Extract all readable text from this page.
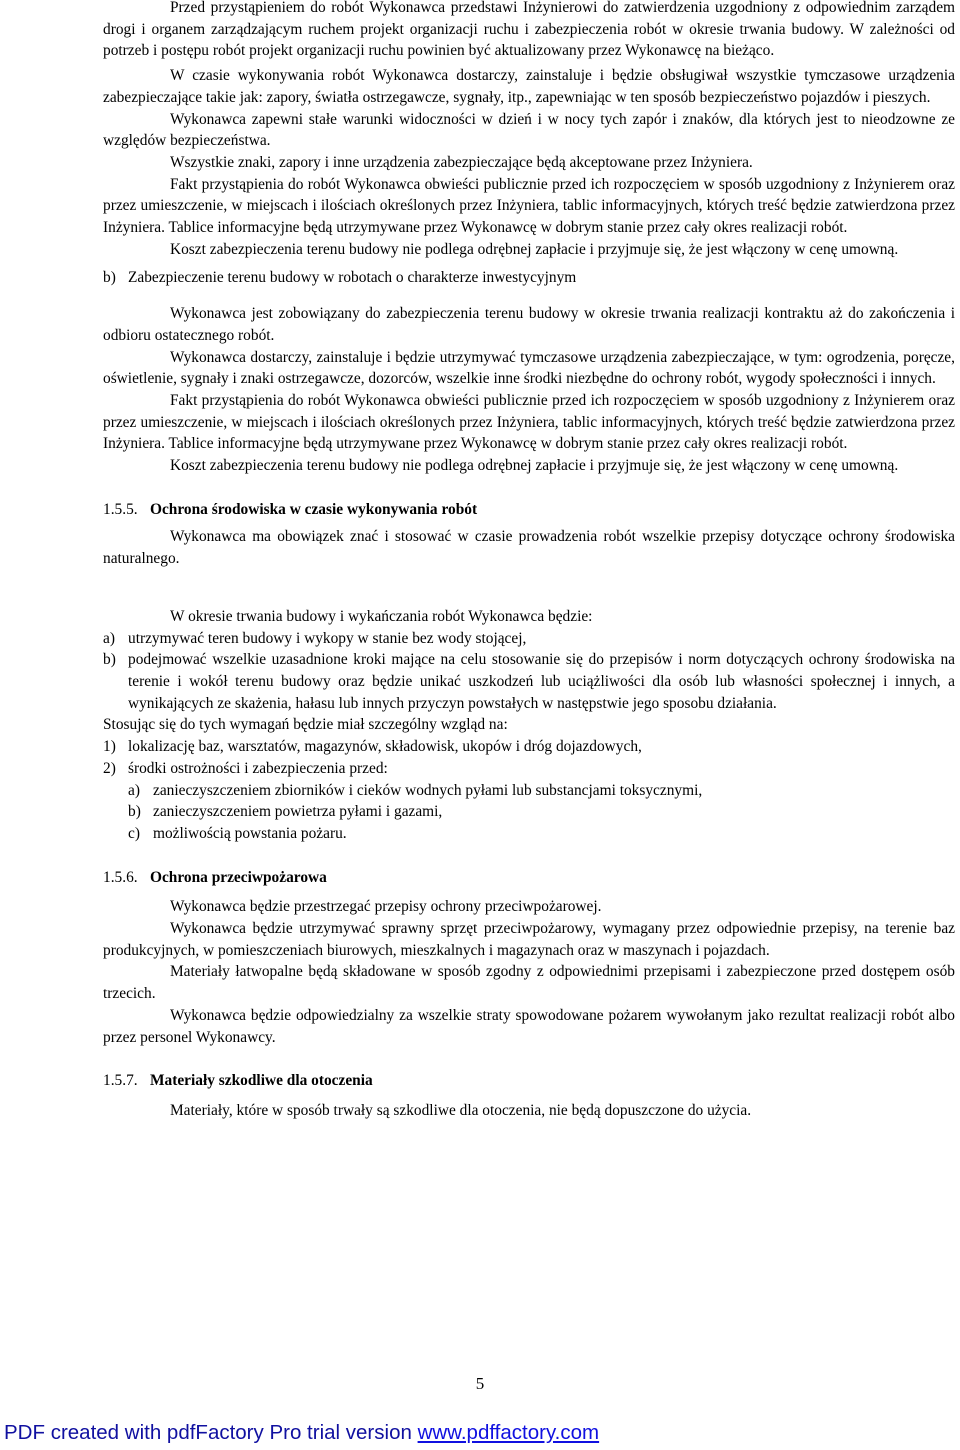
Przed przystąpieniem do robót Wykonawca przedstawi Inżynierowi do zatwierdzenia uzgodniony z odpowiednim zarządem drogi i organem zarządzającym ruchem projekt organizacji ruchu i zabezpieczenia robót w okresie trwania budowy. W zależności od potrzeb i postępu robót projekt organizacji ruchu powinien być aktualizowany przez Wykonawcę na bieżąco.

W czasie wykonywania robót Wykonawca dostarczy, zainstaluje i będzie obsługiwał wszystkie tymczasowe urządzenia zabezpieczające takie jak: zapory, światła ostrzegawcze, sygnały, itp., zapewniając w ten sposób bezpieczeństwo pojazdów i pieszych.

Wykonawca zapewni stałe warunki widoczności w dzień i w nocy tych zapór i znaków, dla których jest to nieodzowne ze względów bezpieczeństwa.

Wszystkie znaki, zapory i inne urządzenia zabezpieczające będą akceptowane przez Inżyniera.

Fakt przystąpienia do robót Wykonawca obwieści publicznie przed ich rozpoczęciem w sposób uzgodniony z Inżynierem oraz przez umieszczenie, w miejscach i ilościach określonych przez Inżyniera, tablic informacyjnych, których treść będzie zatwierdzona przez Inżyniera. Tablice informacyjne będą utrzymywane przez Wykonawcę w dobrym stanie przez cały okres realizacji robót.

Koszt zabezpieczenia terenu budowy nie podlega odrębnej zapłacie i przyjmuje się, że jest włączony w cenę umowną.

b) Zabezpieczenie terenu budowy w robotach o charakterze inwestycyjnym

Wykonawca jest zobowiązany do zabezpieczenia terenu budowy w okresie trwania realizacji kontraktu aż do zakończenia i odbioru ostatecznego robót.

Wykonawca dostarczy, zainstaluje i będzie utrzymywać tymczasowe urządzenia zabezpieczające, w tym: ogrodzenia, poręcze, oświetlenie, sygnały i znaki ostrzegawcze, dozorców, wszelkie inne środki niezbędne do ochrony robót, wygody społeczności i innych.

Fakt przystąpienia do robót Wykonawca obwieści publicznie przed ich rozpoczęciem w sposób uzgodniony z Inżynierem oraz przez umieszczenie, w miejscach i ilościach określonych przez Inżyniera, tablic informacyjnych, których treść będzie zatwierdzona przez Inżyniera. Tablice informacyjne będą utrzymywane przez Wykonawcę w dobrym stanie przez cały okres realizacji robót.

Koszt zabezpieczenia terenu budowy nie podlega odrębnej zapłacie i przyjmuje się, że jest włączony w cenę umowną.

1.5.5. Ochrona środowiska w czasie wykonywania robót

Wykonawca ma obowiązek znać i stosować w czasie prowadzenia robót wszelkie przepisy dotyczące ochrony środowiska naturalnego.

W okresie trwania budowy i wykańczania robót Wykonawca będzie:

a) utrzymywać teren budowy i wykopy w stanie bez wody stojącej,
b) podejmować wszelkie uzasadnione kroki mające na celu stosowanie się do przepisów i norm dotyczących ochrony środowiska na terenie i wokół terenu budowy oraz będzie unikać uszkodzeń lub uciążliwości dla osób lub własności społecznej i innych, a wynikających ze skażenia, hałasu lub innych przyczyn powstałych w następstwie jego sposobu działania.

Stosując się do tych wymagań będzie miał szczególny wzgląd na:

1) lokalizację baz, warsztatów, magazynów, składowisk, ukopów i dróg dojazdowych,
2) środki ostrożności i zabezpieczenia przed:
a) zanieczyszczeniem zbiorników i cieków wodnych pyłami lub substancjami toksycznymi,
b) zanieczyszczeniem powietrza pyłami i gazami,
c) możliwością powstania pożaru.

1.5.6. Ochrona przeciwpożarowa

Wykonawca będzie przestrzegać przepisy ochrony przeciwpożarowej.

Wykonawca będzie utrzymywać sprawny sprzęt przeciwpożarowy, wymagany przez odpowiednie przepisy, na terenie baz produkcyjnych, w pomieszczeniach biurowych, mieszkalnych i magazynach oraz w maszynach i pojazdach.

Materiały łatwopalne będą składowane w sposób zgodny z odpowiednimi przepisami i zabezpieczone przed dostępem osób trzecich.

Wykonawca będzie odpowiedzialny za wszelkie straty spowodowane pożarem wywołanym jako rezultat realizacji robót albo przez personel Wykonawcy.

1.5.7. Materiały szkodliwe dla otoczenia

Materiały, które w sposób trwały są szkodliwe dla otoczenia, nie będą dopuszczone do użycia.

5
PDF created with pdfFactory Pro trial version www.pdffactory.com
